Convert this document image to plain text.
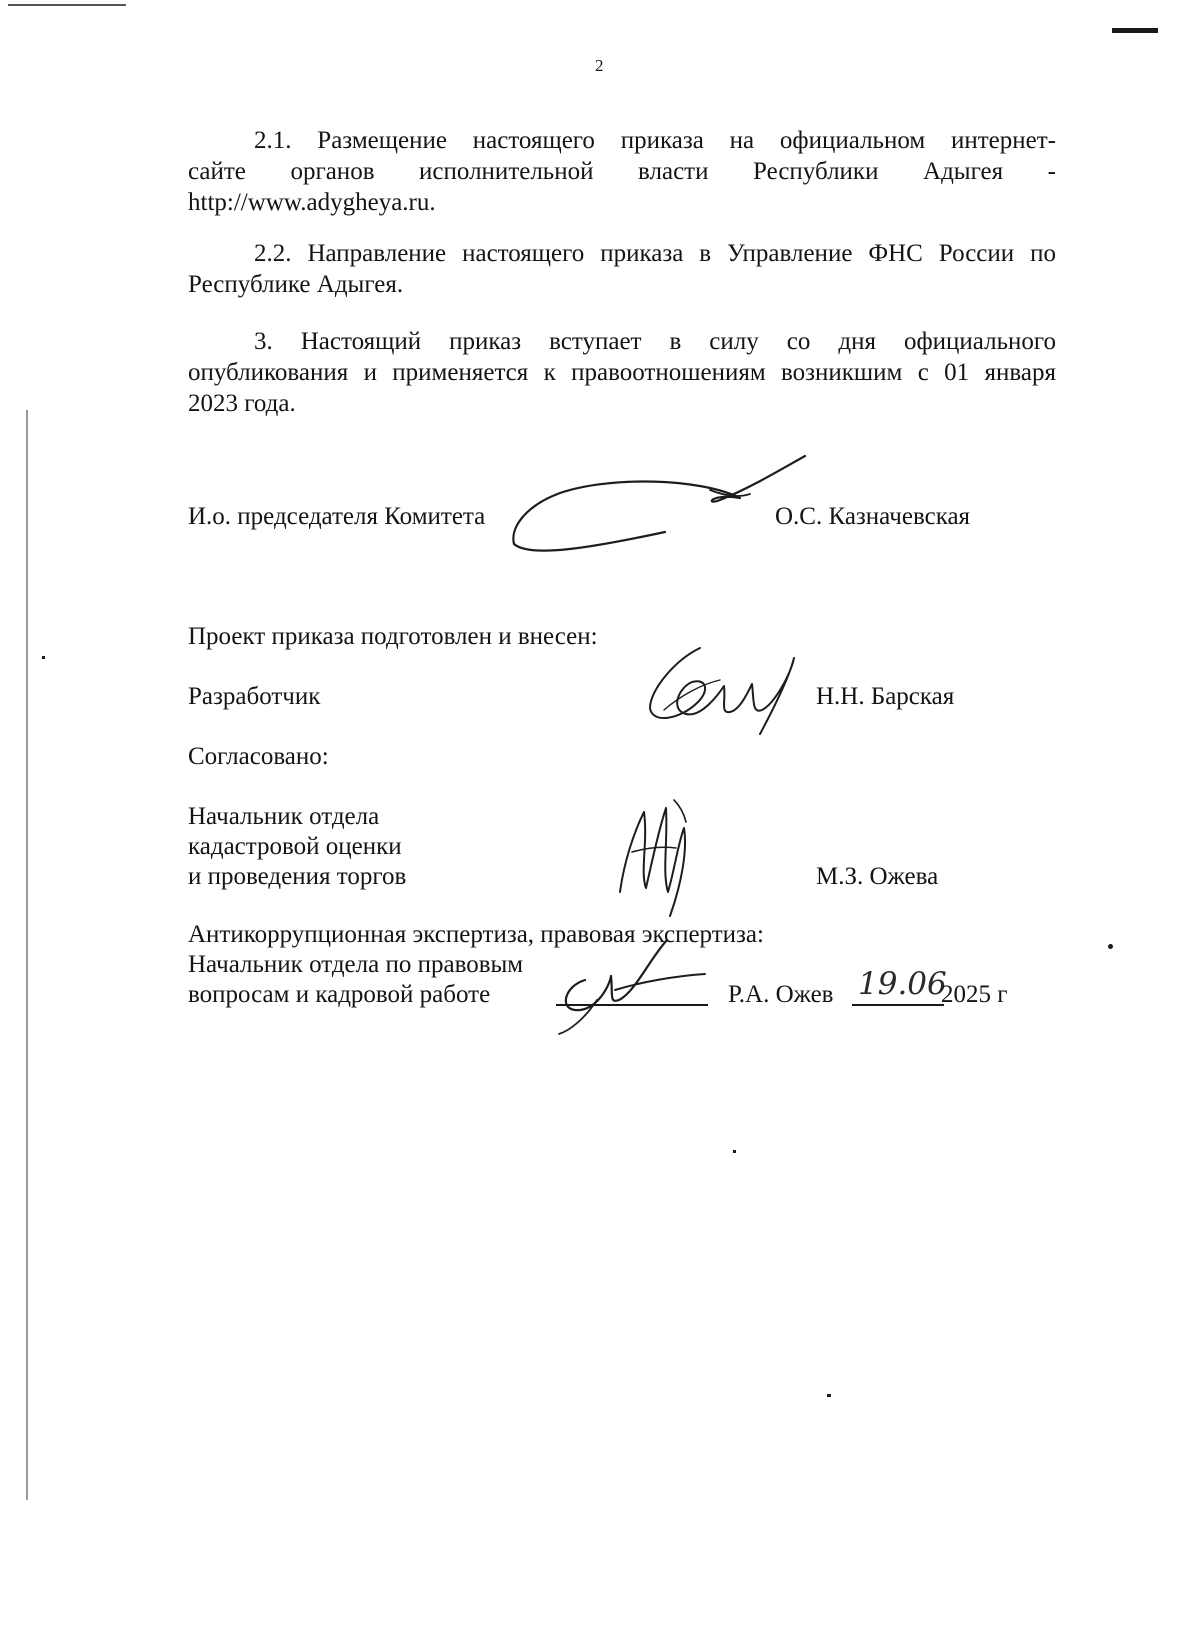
2
2.1. Размещение настоящего приказа на официальном интернет-
сайте органов исполнительной власти Республики Адыгея -
http://www.adygheya.ru.
2.2. Направление настоящего приказа в Управление ФНС России по
Республике Адыгея.
3. Настоящий приказ вступает в силу со дня официального
опубликования и применяется к правоотношениям возникшим с 01 января
2023 года.
И.о. председателя Комитета	О.С. Казначевская
Проект приказа подготовлен и внесен:
Разработчик	Н.Н. Барская
Согласовано:
Начальник отдела
кадастровой оценки
и проведения торгов	М.З. Ожева
Антикоррупционная экспертиза, правовая экспертиза:
Начальник отдела по правовым
вопросам и кадровой работе	Р.А. Ожев 19.06
2025 г
